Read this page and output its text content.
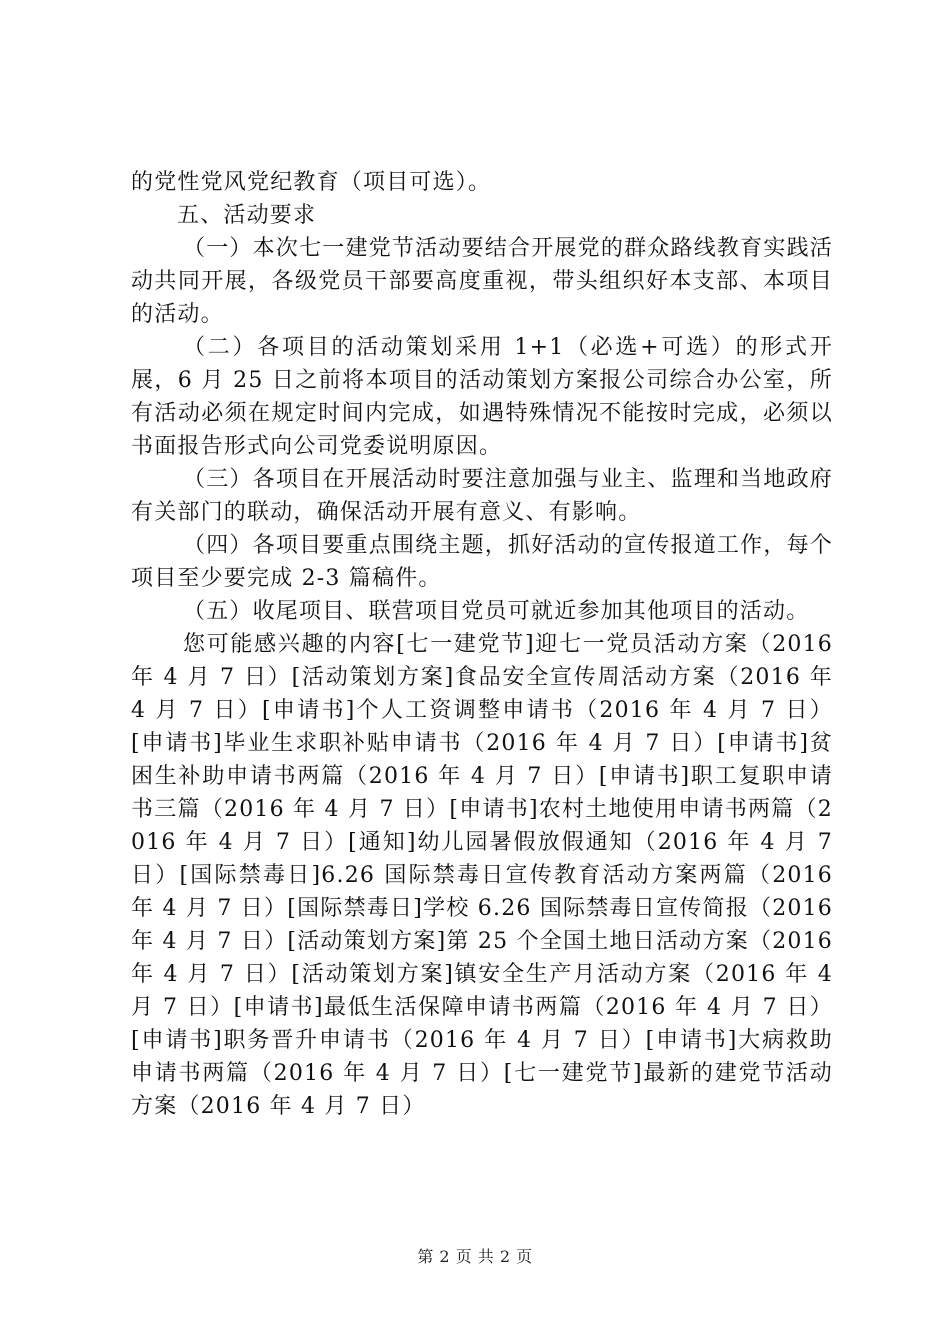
的党性党风党纪教育（项目可选）。

五、活动要求

（一）本次七一建党节活动要结合开展党的群众路线教育实践活动共同开展，各级党员干部要高度重视，带头组织好本支部、本项目的活动。

（二）各项目的活动策划采用 1+1（必选+可选）的形式开展，6 月 25 日之前将本项目的活动策划方案报公司综合办公室，所有活动必须在规定时间内完成，如遇特殊情况不能按时完成，必须以书面报告形式向公司党委说明原因。

（三）各项目在开展活动时要注意加强与业主、监理和当地政府有关部门的联动，确保活动开展有意义、有影响。

（四）各项目要重点围绕主题，抓好活动的宣传报道工作，每个项目至少要完成 2-3 篇稿件。

（五）收尾项目、联营项目党员可就近参加其他项目的活动。

您可能感兴趣的内容[七一建党节]迎七一党员活动方案（2016 年 4 月 7 日）[活动策划方案]食品安全宣传周活动方案（2016 年 4 月 7 日）[申请书]个人工资调整申请书（2016 年 4 月 7 日）[申请书]毕业生求职补贴申请书（2016 年 4 月 7 日）[申请书]贫困生补助申请书两篇（2016 年 4 月 7 日）[申请书]职工复职申请书三篇（2016 年 4 月 7 日）[申请书]农村土地使用申请书两篇（2016 年 4 月 7 日）[通知]幼儿园暑假放假通知（2016 年 4 月 7 日）[国际禁毒日]6.26 国际禁毒日宣传教育活动方案两篇（2016 年 4 月 7 日）[国际禁毒日]学校 6.26 国际禁毒日宣传简报（2016 年 4 月 7 日）[活动策划方案]第 25 个全国土地日活动方案（2016 年 4 月 7 日）[活动策划方案]镇安全生产月活动方案（2016 年 4 月 7 日）[申请书]最低生活保障申请书两篇（2016 年 4 月 7 日）[申请书]职务晋升申请书（2016 年 4 月 7 日）[申请书]大病救助申请书两篇（2016 年 4 月 7 日）[七一建党节]最新的建党节活动方案（2016 年 4 月 7 日）

第 2 页 共 2 页
